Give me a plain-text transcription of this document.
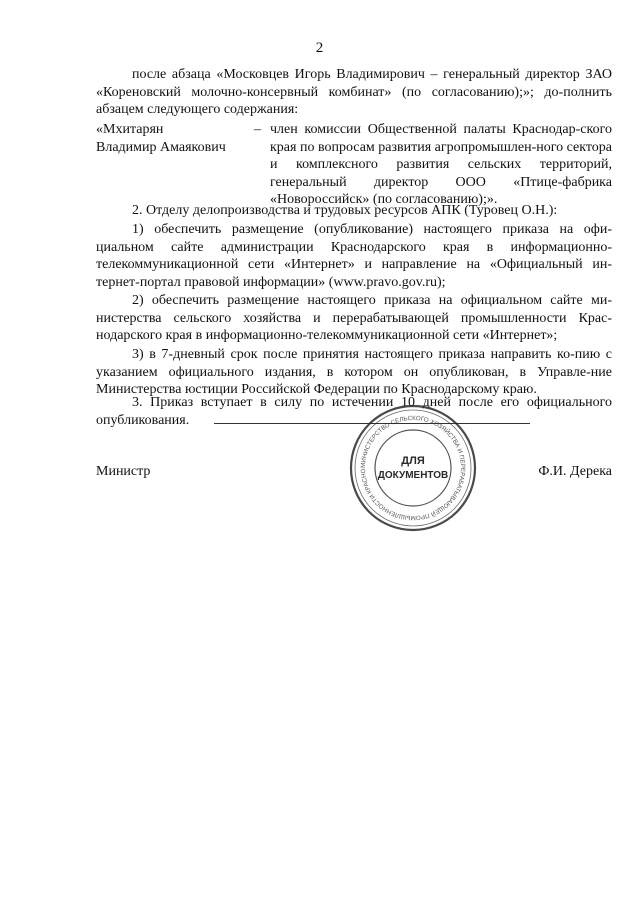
2

после абзаца «Московцев Игорь Владимирович – генеральный директор ЗАО «Кореновский молочно-консервный комбинат» (по согласованию);»; до-полнить абзацем следующего содержания:

«Мхитарян
Владимир Амаякович
– член комиссии Общественной палаты Краснодар-ского края по вопросам развития агропромышлен-ного сектора и комплексного развития сельских территорий, генеральный директор ООО «Птице-фабрика «Новороссийск» (по согласованию);».
2. Отделу делопроизводства и трудовых ресурсов АПК (Туровец О.Н.):
1) обеспечить размещение (опубликование) настоящего приказа на офи-циальном сайте администрации Краснодарского края в информационно-телекоммуникационной сети «Интернет» и направление на «Официальный ин-тернет-портал правовой информации» (www.pravo.gov.ru);
2) обеспечить размещение настоящего приказа на официальном сайте ми-нистерства сельского хозяйства и перерабатывающей промышленности Крас-нодарского края в информационно-телекоммуникационной сети «Интернет»;
3) в 7-дневный срок после принятия настоящего приказа направить ко-пию с указанием официального издания, в котором он опубликован, в Управле-ние Министерства юстиции Российской Федерации по Краснодарскому краю.
3. Приказ вступает в силу по истечении 10 дней после его официального опубликования.
Министр	Ф.И. Дерека
МИНИСТЕРСТВО СЕЛЬСКОГО ХОЗЯЙСТВА И ПЕРЕРАБАТЫВАЮЩЕЙ ПРОМЫШЛЕННОСТИ КРАСНО
ДЛЯ
ДОКУМЕНТОВ
